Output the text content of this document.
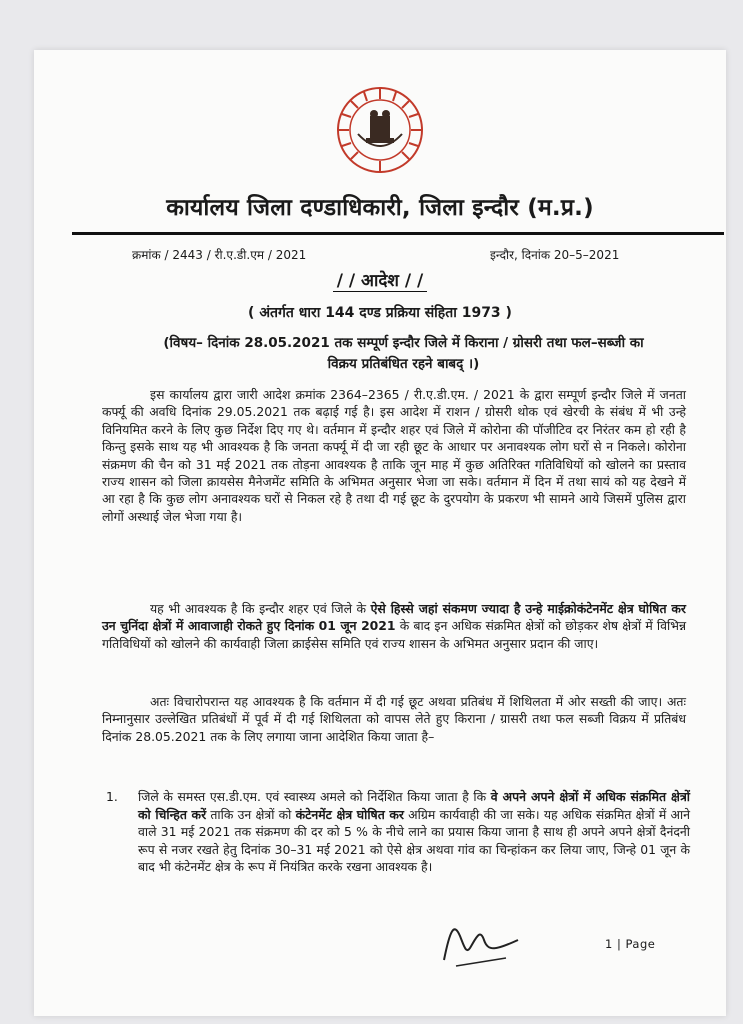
कार्यालय जिला दण्डाधिकारी, जिला इन्दौर (म.प्र.)
क्रमांक / 2443 / री.ए.डी.एम / 2021	इन्दौर, दिनांक 20–5–2021
/ / आदेश / /
( अंतर्गत धारा 144 दण्ड प्रक्रिया संहिता 1973 )
(विषय– दिनांक 28.05.2021 तक सम्पूर्ण इन्दौर जिले में किराना / ग्रोसरी तथा फल–सब्जी का विक्रय प्रतिबंधित रहने बाबद् ।)
इस कार्यालय द्वारा जारी आदेश क्रमांक 2364–2365 / री.ए.डी.एम. / 2021 के द्वारा सम्पूर्ण इन्दौर जिले में जनता कर्फ्यू की अवधि दिनांक 29.05.2021 तक बढ़ाई गई है। इस आदेश में राशन / ग्रोसरी थोक एवं खेरची के संबंध में भी उन्हे विनियमित करने के लिए कुछ निर्देश दिए गए थे। वर्तमान में इन्दौर शहर एवं जिले में कोरोना की पॉजीटिव दर निरंतर कम हो रही है किन्तु इसके साथ यह भी आवश्यक है कि जनता कर्फ्यू में दी जा रही छूट के आधार पर अनावश्यक लोग घरों से न निकले। कोरोना संक्रमण की चैन को 31 मई 2021 तक तोड़ना आवश्यक है ताकि जून माह में कुछ अतिरिक्त गतिविधियों को खोलने का प्रस्ताव राज्य शासन को जिला क्रायसेस मैनेजमेंट समिति के अभिमत अनुसार भेजा जा सके। वर्तमान में दिन में तथा सायं को यह देखने में आ रहा है कि कुछ लोग अनावश्यक घरों से निकल रहे है तथा दी गई छूट के दुरपयोग के प्रकरण भी सामने आये जिसमें पुलिस द्वारा लोगों अस्थाई जेल भेजा गया है।
यह भी आवश्यक है कि इन्दौर शहर एवं जिले के ऐसे हिस्से जहां संकमण ज्यादा है उन्हे माईक्रोकंटेनमेंट क्षेत्र घोषित कर उन चुनिंदा क्षेत्रों में आवाजाही रोकते हुए दिनांक 01 जून 2021 के बाद इन अधिक संक्रमित क्षेत्रों को छोड़कर शेष क्षेत्रों में विभिन्न गतिविधियों को खोलने की कार्यवाही जिला क्राईसेस समिति एवं राज्य शासन के अभिमत अनुसार प्रदान की जाए।
अतः विचारोपरान्त यह आवश्यक है कि वर्तमान में दी गई छूट अथवा प्रतिबंध में शिथिलता में ओर सख्ती की जाए। अतः निम्नानुसार उल्लेखित प्रतिबंधों में पूर्व में दी गई शिथिलता को वापस लेते हुए किराना / ग्रासरी तथा फल सब्जी विक्रय में प्रतिबंध दिनांक 28.05.2021 तक के लिए लगाया जाना आदेशित किया जाता है–
1. जिले के समस्त एस.डी.एम. एवं स्वास्थ्य अमले को निर्देशित किया जाता है कि वे अपने अपने क्षेत्रों में अधिक संक्रमित क्षेत्रों को चिन्हित करें ताकि उन क्षेत्रों को कंटेनमेंट क्षेत्र घोषित कर अग्रिम कार्यवाही की जा सके। यह अधिक संक्रमित क्षेत्रों में आने वाले 31 मई 2021 तक संक्रमण की दर को 5 % के नीचे लाने का प्रयास किया जाना है साथ ही अपने अपने क्षेत्रों दैनंदनी रूप से नजर रखते हेतु दिनांक 30–31 मई 2021 को ऐसे क्षेत्र अथवा गांव का चिन्हांकन कर लिया जाए, जिन्हे 01 जून के बाद भी कंटेनमेंट क्षेत्र के रूप में नियंत्रित करके रखना आवश्यक है।
1 | Page
